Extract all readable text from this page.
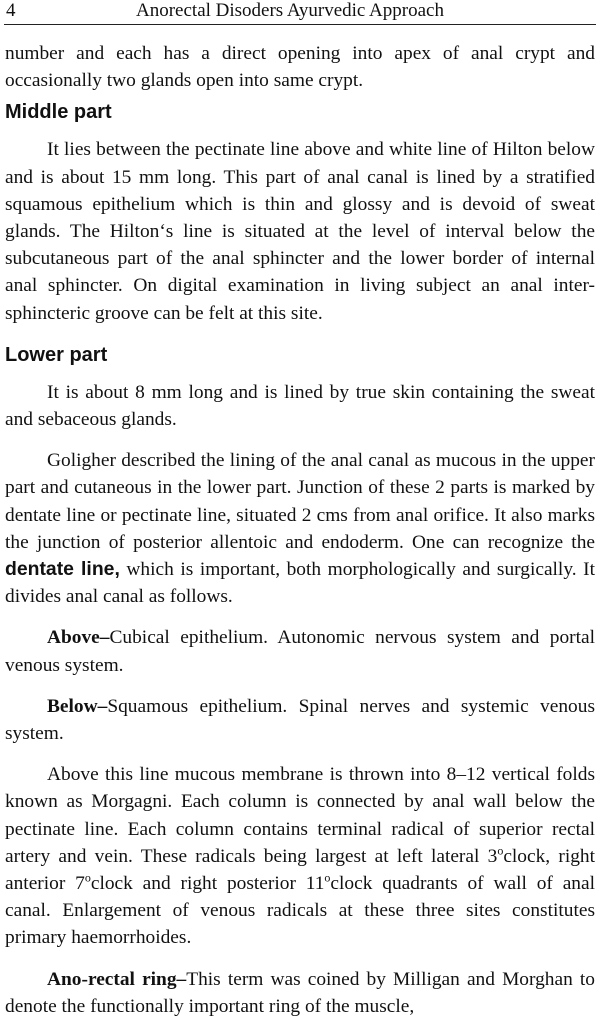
4	Anorectal Disoders Ayurvedic Approach

number and each has a direct opening into apex of anal crypt and occasionally two glands open into same crypt.

Middle part

It lies between the pectinate line above and white line of Hilton below and is about 15 mm long. This part of anal canal is lined by a stratified squamous epithelium which is thin and glossy and is devoid of sweat glands. The Hilton‘s line is situated at the level of interval below the subcutaneous part of the anal sphincter and the lower border of internal anal sphincter. On digital examination in living subject an anal inter-sphincteric groove can be felt at this site.

Lower part

It is about 8 mm long and is lined by true skin containing the sweat and sebaceous glands.

Goligher described the lining of the anal canal as mucous in the upper part and cutaneous in the lower part. Junction of these 2 parts is marked by dentate line or pectinate line, situated 2 cms from anal orifice. It also marks the junction of posterior allentoic and endoderm. One can recognize the dentate line, which is important, both morphologically and surgically. It divides anal canal as follows.

Above–Cubical epithelium. Autonomic nervous system and portal venous system.

Below–Squamous epithelium. Spinal nerves and systemic venous system.

Above this line mucous membrane is thrown into 8–12 vertical folds known as Morgagni. Each column is connected by anal wall below the pectinate line. Each column contains terminal radical of superior rectal artery and vein. These radicals being largest at left lateral 3$^o$clock, right anterior 7$^o$clock and right posterior 11$^o$clock quadrants of wall of anal canal. Enlargement of venous radicals at these three sites constitutes primary haemorrhoides.

Ano-rectal ring–This term was coined by Milligan and Morghan to denote the functionally important ring of the muscle,
